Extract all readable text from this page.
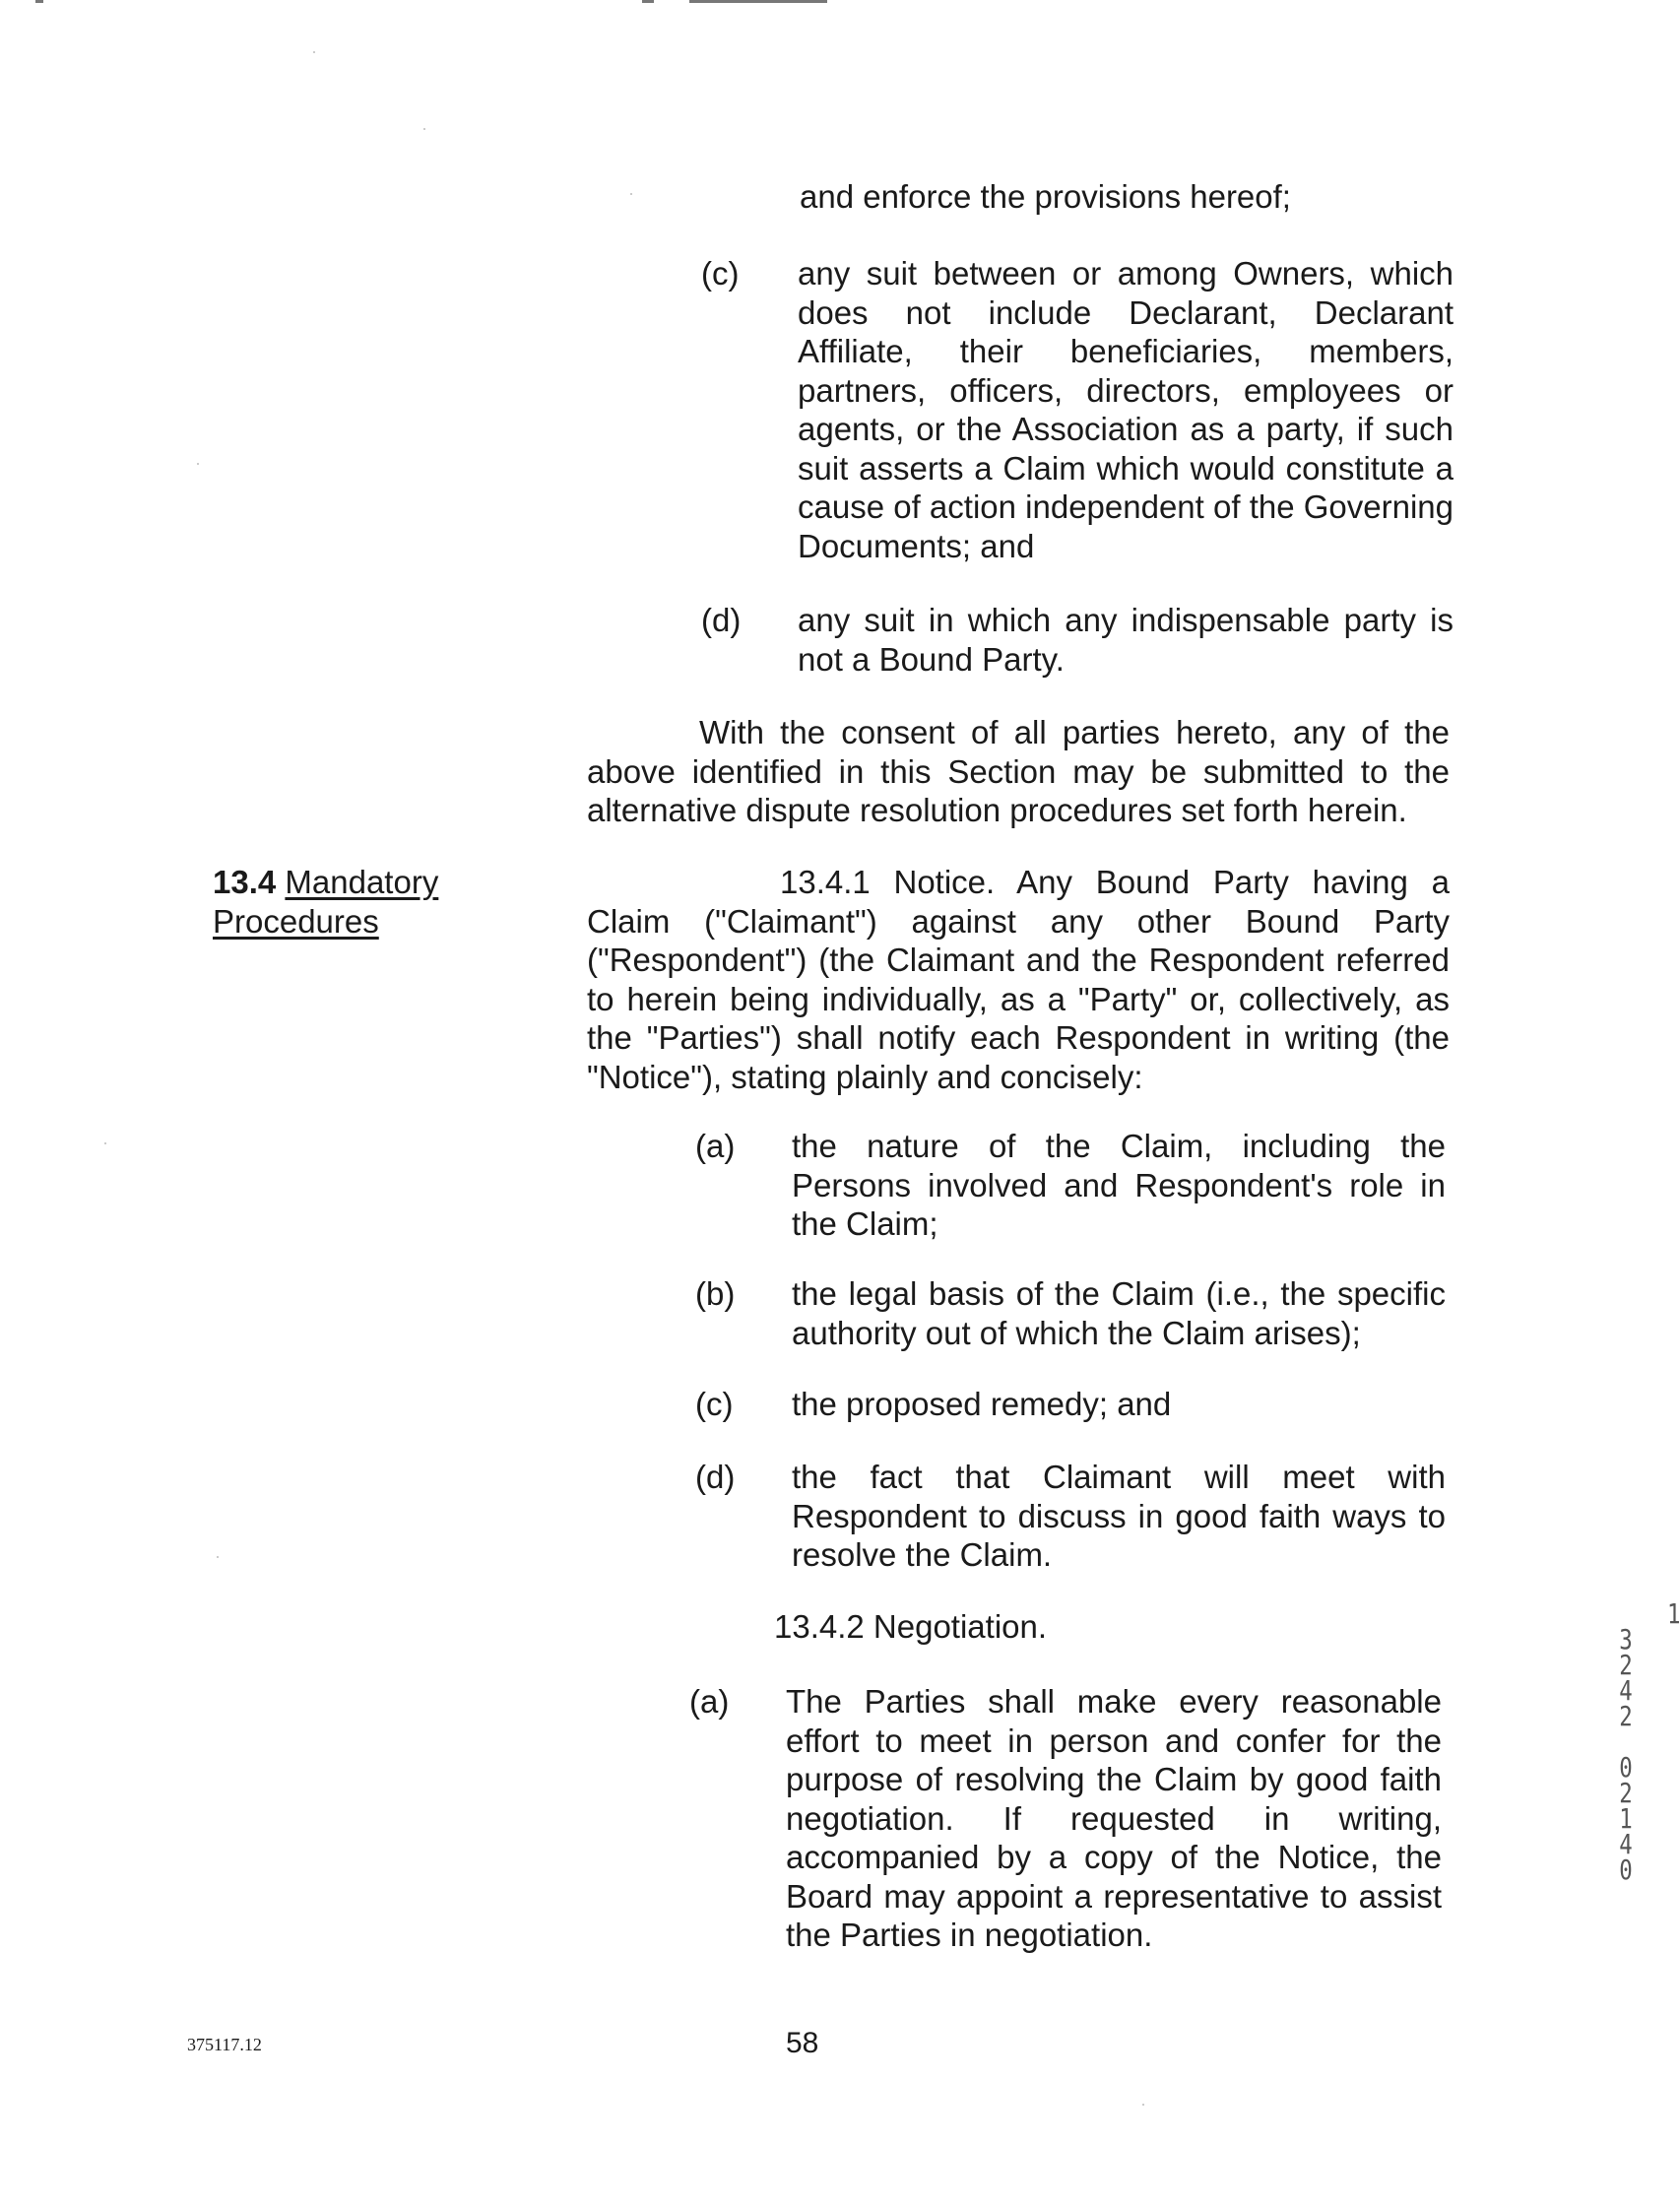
and enforce the provisions hereof;

(c) any suit between or among Owners, which does not include Declarant, Declarant Affiliate, their beneficiaries, members, partners, officers, directors, employees or agents, or the Association as a party, if such suit asserts a Claim which would constitute a cause of action independent of the Governing Documents; and

(d) any suit in which any indispensable party is not a Bound Party.

With the consent of all parties hereto, any of the above identified in this Section may be submitted to the alternative dispute resolution procedures set forth herein.

13.4 Mandatory
Procedures

13.4.1 Notice. Any Bound Party having a Claim ("Claimant") against any other Bound Party ("Respondent") (the Claimant and the Respondent referred to herein being individually, as a "Party" or, collectively, as the "Parties") shall notify each Respondent in writing (the "Notice"), stating plainly and concisely:

(a) the nature of the Claim, including the Persons involved and Respondent's role in the Claim;

(b) the legal basis of the Claim (i.e., the specific authority out of which the Claim arises);

(c) the proposed remedy; and

(d) the fact that Claimant will meet with Respondent to discuss in good faith ways to resolve the Claim.

13.4.2 Negotiation.

(a) The Parties shall make every reasonable effort to meet in person and confer for the purpose of resolving the Claim by good faith negotiation. If requested in writing, accompanied by a copy of the Notice, the Board may appoint a representative to assist the Parties in negotiation.

1
3
2
4
2

0
2
1
4
0

375117.12	58
